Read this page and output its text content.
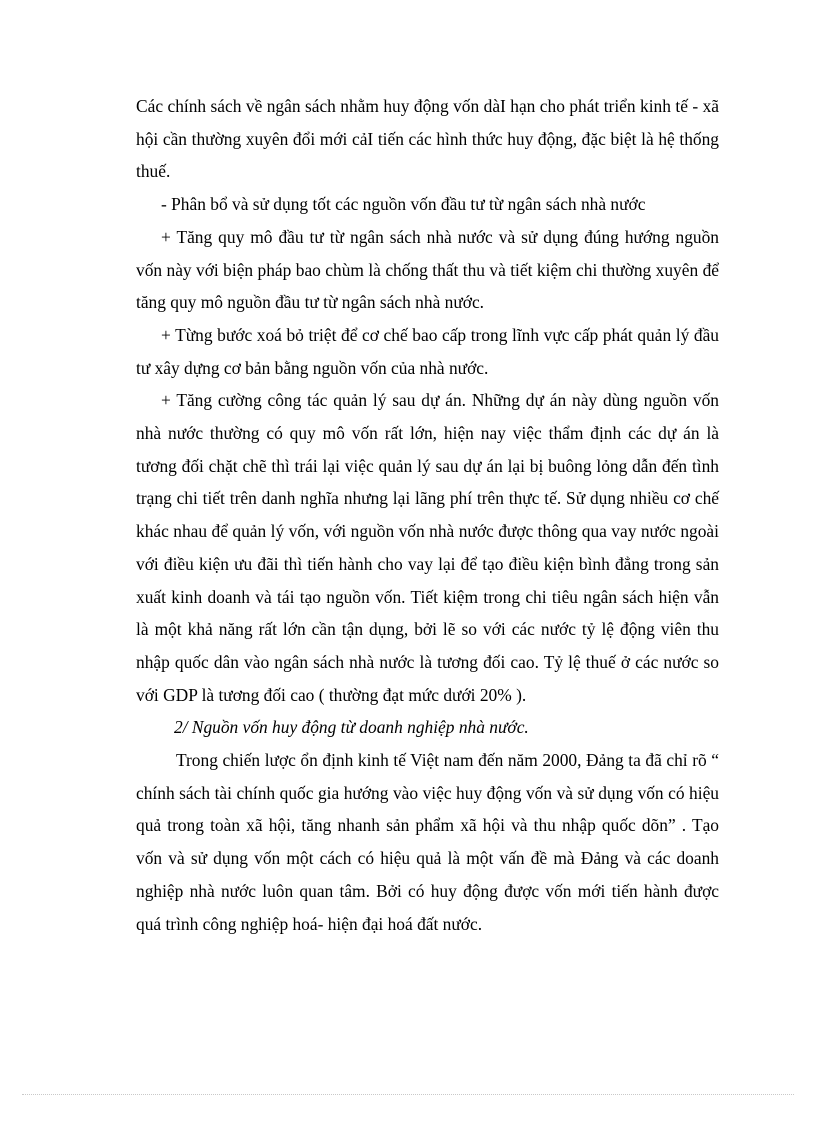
Các chính sách về ngân sách nhằm huy động vốn dàI hạn cho phát triển kinh tế - xã hội cần thường xuyên đổi mới cảI tiến các hình thức huy động, đặc biệt là hệ thống thuế.

- Phân bổ và sử dụng tốt các nguồn vốn đầu tư từ ngân sách nhà nước

+ Tăng quy mô đầu tư từ ngân sách nhà nước và sử dụng đúng hướng nguồn vốn này với biện pháp bao chùm là chống thất thu và tiết kiệm chi thường xuyên để tăng quy mô nguồn đầu tư từ ngân sách nhà nước.

+ Từng bước xoá bỏ triệt để cơ chế bao cấp trong lĩnh vực cấp phát quản lý đầu tư xây dựng cơ bản bằng nguồn vốn của nhà nước.

+ Tăng cường công tác quản lý sau dự án. Những dự án này dùng nguồn vốn nhà nước thường có quy mô vốn rất lớn, hiện nay việc thẩm định các dự án là tương đối chặt chẽ thì trái lại việc quản lý sau dự án lại bị buông lỏng dẫn đến tình trạng chi tiết trên danh nghĩa nhưng lại lãng phí trên thực tế. Sử dụng nhiều cơ chế khác nhau để quản lý vốn, với nguồn vốn nhà nước được thông qua vay nước ngoài với điều kiện ưu đãi thì tiến hành cho vay lại để tạo điều kiện bình đẳng trong sản xuất kinh doanh và tái tạo nguồn vốn. Tiết kiệm trong chi tiêu ngân sách hiện vẫn là một khả năng rất lớn cần tận dụng, bởi lẽ so với các nước tỷ lệ động viên thu nhập quốc dân vào ngân sách nhà nước là tương đối cao. Tỷ lệ thuế ở các nước so với GDP là tương đối cao ( thường đạt mức dưới 20% ).

2/ Nguồn vốn huy động từ doanh nghiệp nhà nước.

Trong chiến lược ổn định kinh tế Việt nam đến năm 2000, Đảng ta đã chỉ rõ “ chính sách tài chính quốc gia hướng vào việc huy động vốn và sử dụng vốn có hiệu quả trong toàn xã hội, tăng nhanh sản phẩm xã hội và thu nhập quốc dõn” . Tạo vốn và sử dụng vốn một cách có hiệu quả là một vấn đề mà Đảng và các doanh nghiệp nhà nước luôn quan tâm. Bởi có huy động được vốn mới tiến hành được quá trình công nghiệp hoá- hiện đại hoá đất nước.
